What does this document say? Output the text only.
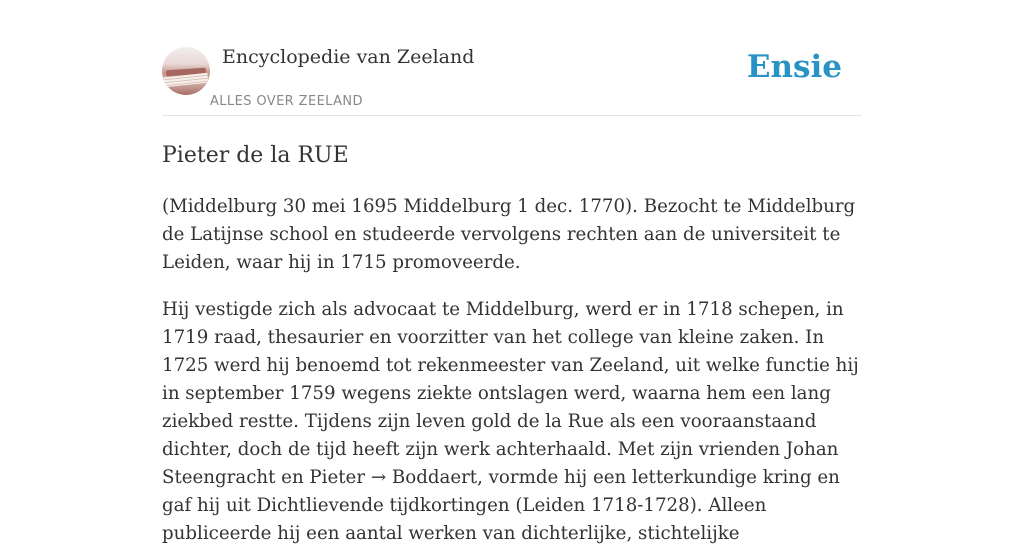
Encyclopedie van Zeeland
ALLES OVER ZEELAND
Ensie
Pieter de la RUE

(Middelburg 30 mei 1695 Middelburg 1 dec. 1770). Bezocht te Middelburg de Latijnse school en studeerde vervolgens rechten aan de universiteit te Leiden, waar hij in 1715 promoveerde.

Hij vestigde zich als advocaat te Middelburg, werd er in 1718 schepen, in 1719 raad, thesaurier en voorzitter van het college van kleine zaken. In 1725 werd hij benoemd tot rekenmeester van Zeeland, uit welke functie hij in september 1759 wegens ziekte ontslagen werd, waarna hem een lang ziekbed restte. Tijdens zijn leven gold de la Rue als een vooraanstaand dichter, doch de tijd heeft zijn werk achterhaald. Met zijn vrienden Johan Steengracht en Pieter → Boddaert, vormde hij een letterkundige kring en gaf hij uit Dichtlievende tijdkortingen (Leiden 1718-1728). Alleen publiceerde hij een aantal werken van dichterlijke, stichtelijke
